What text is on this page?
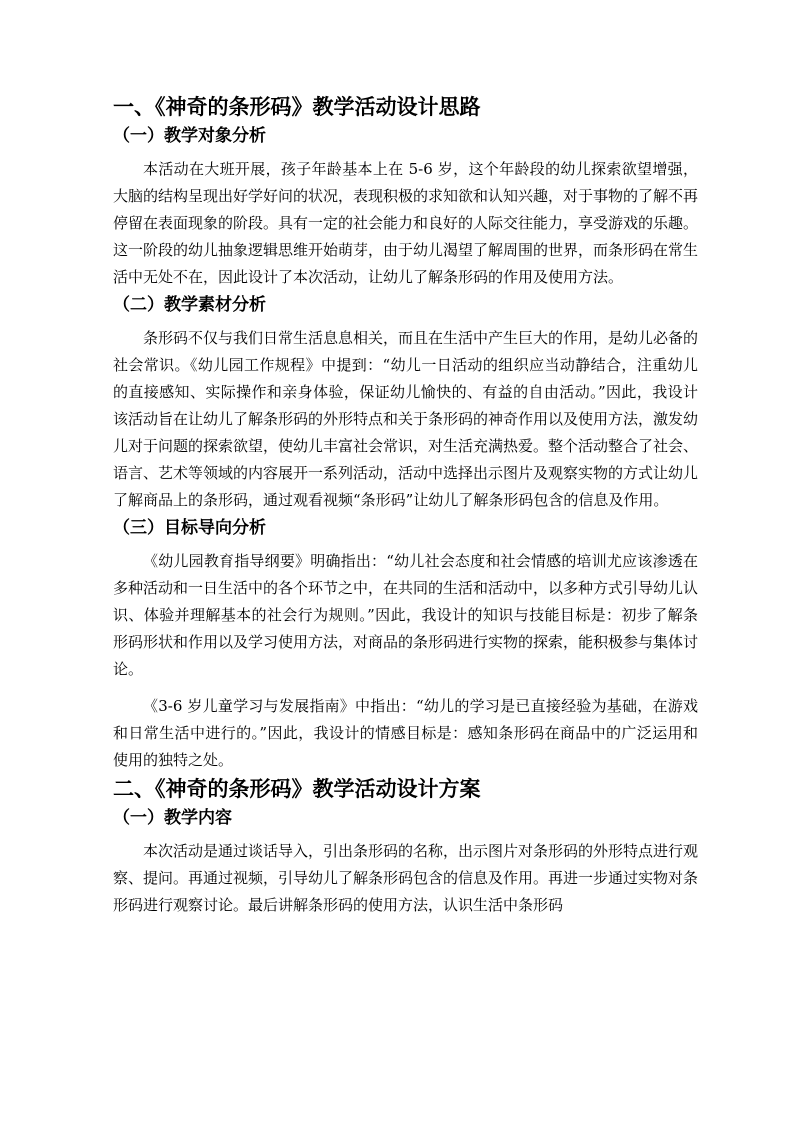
一、《神奇的条形码》教学活动设计思路
（一）教学对象分析

本活动在大班开展，孩子年龄基本上在 5-6 岁，这个年龄段的幼儿探索欲望增强，大脑的结构呈现出好学好问的状况，表现积极的求知欲和认知兴趣，对于事物的了解不再停留在表面现象的阶段。具有一定的社会能力和良好的人际交往能力，享受游戏的乐趣。这一阶段的幼儿抽象逻辑思维开始萌芽，由于幼儿渴望了解周围的世界，而条形码在常生活中无处不在，因此设计了本次活动，让幼儿了解条形码的作用及使用方法。

（二）教学素材分析

条形码不仅与我们日常生活息息相关，而且在生活中产生巨大的作用，是幼儿必备的社会常识。《幼儿园工作规程》中提到：“幼儿一日活动的组织应当动静结合，注重幼儿的直接感知、实际操作和亲身体验，保证幼儿愉快的、有益的自由活动。”因此，我设计该活动旨在让幼儿了解条形码的外形特点和关于条形码的神奇作用以及使用方法，激发幼儿对于问题的探索欲望，使幼儿丰富社会常识，对生活充满热爱。整个活动整合了社会、语言、艺术等领域的内容展开一系列活动，活动中选择出示图片及观察实物的方式让幼儿了解商品上的条形码，通过观看视频“条形码”让幼儿了解条形码包含的信息及作用。

（三）目标导向分析

《幼儿园教育指导纲要》明确指出：“幼儿社会态度和社会情感的培训尤应该渗透在多种活动和一日生活中的各个环节之中，在共同的生活和活动中，以多种方式引导幼儿认识、体验并理解基本的社会行为规则。”因此，我设计的知识与技能目标是：初步了解条形码形状和作用以及学习使用方法，对商品的条形码进行实物的探索，能积极参与集体讨论。

《3-6 岁儿童学习与发展指南》中指出：“幼儿的学习是已直接经验为基础，在游戏和日常生活中进行的。”因此，我设计的情感目标是：感知条形码在商品中的广泛运用和使用的独特之处。

二、《神奇的条形码》教学活动设计方案
（一）教学内容

本次活动是通过谈话导入，引出条形码的名称，出示图片对条形码的外形特点进行观察、提问。再通过视频，引导幼儿了解条形码包含的信息及作用。再进一步通过实物对条形码进行观察讨论。最后讲解条形码的使用方法，认识生活中条形码
